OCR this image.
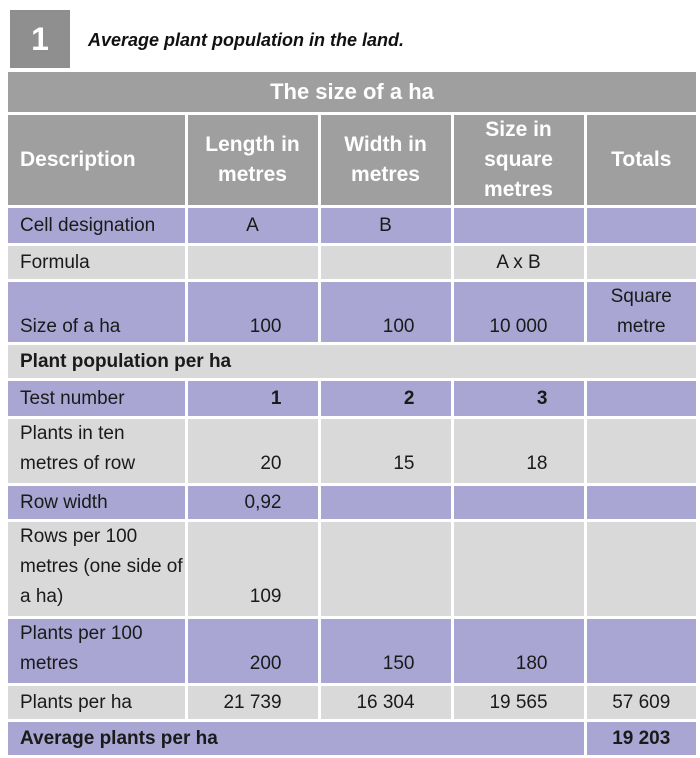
1	Average plant population in the land.
The size of a ha				
Description	Length in metres	Width in metres	Size in square metres	Totals
Cell designation	A	B		
Formula			A x B	
Size of a ha	100	100	10 000	Square metre
Plant population per ha				
Test number	1	2	3	
Plants in ten metres of row	20	15	18	
Row width	0,92			
Rows per 100 metres (one side of a ha)	109			
Plants per 100 metres	200	150	180	
Plants per ha	21 739	16 304	19 565	57 609
Average plants per ha				19 203
